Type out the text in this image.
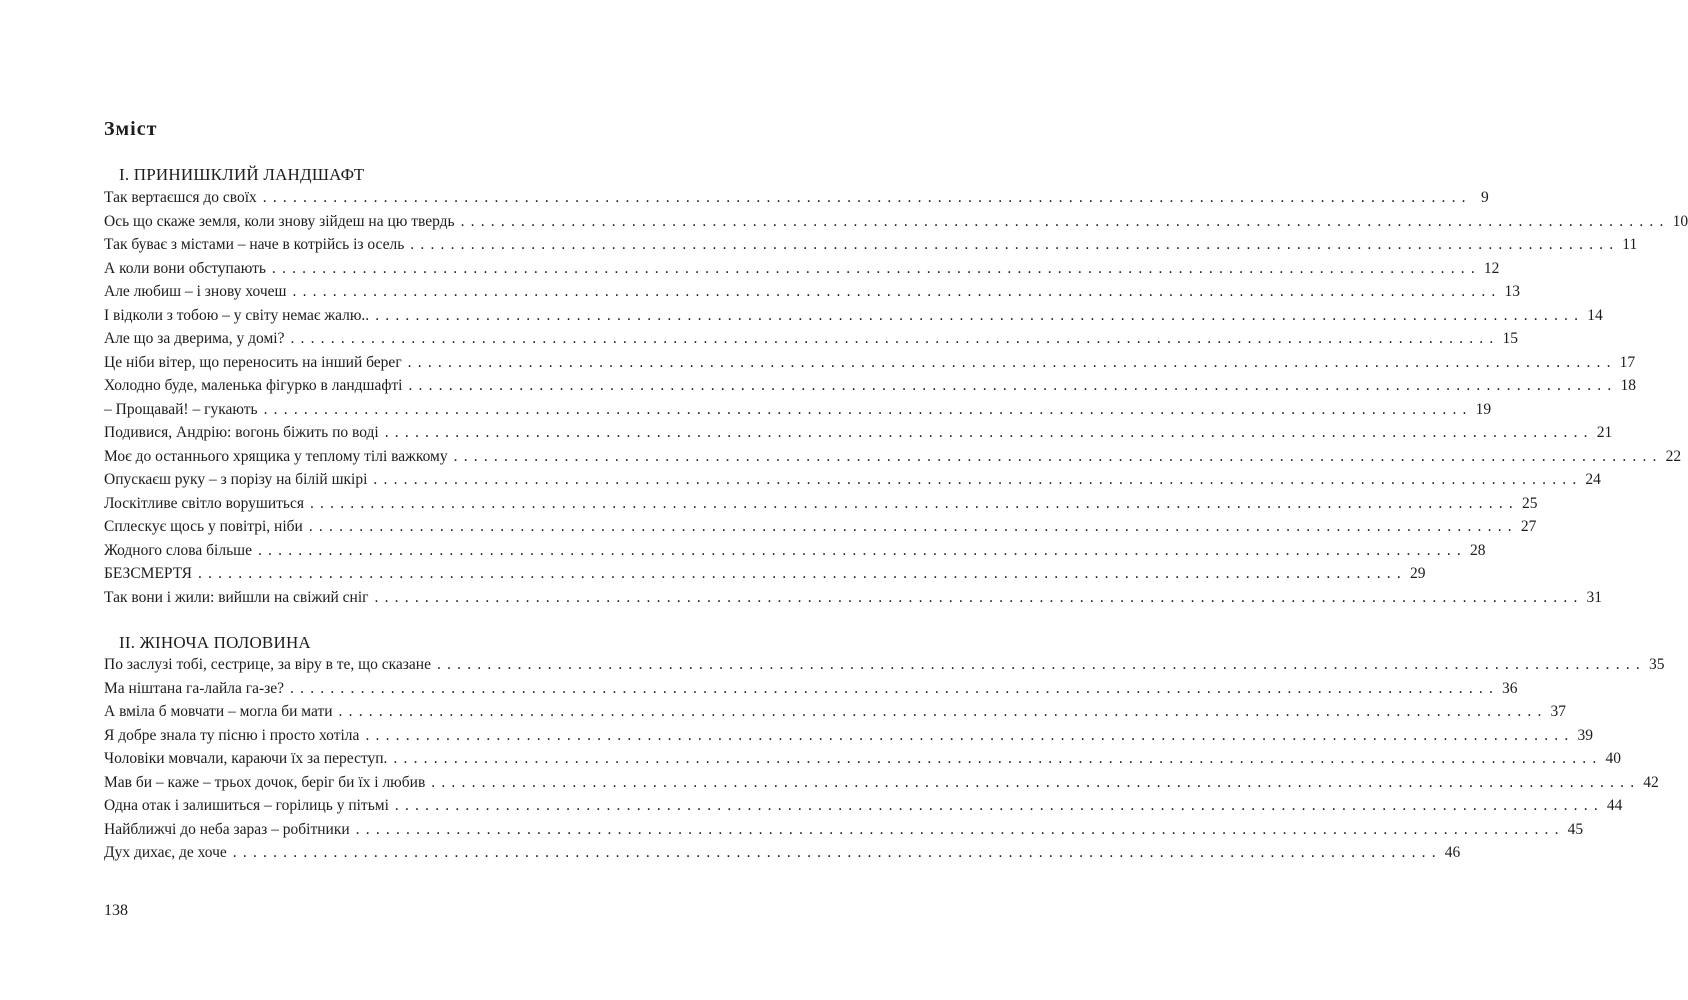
Зміст
І. ПРИНИШКЛИЙ ЛАНДШАФТ
Так вертаєшся до своїх ........................................................................................................................ 9
Ось що скаже земля, коли знову зійдеш на цю твердь ........................................................................................................................ 10
Так буває з містами – наче в котрійсь із осель ........................................................................................................................ 11
А коли вони обступають ........................................................................................................................ 12
Але любиш – і знову хочеш ........................................................................................................................ 13
І відколи з тобою – у світу немає жалю.. ........................................................................................................................ 14
Але що за дверима, у домі? ........................................................................................................................ 15
Це ніби вітер, що переносить на інший берег ........................................................................................................................ 17
Холодно буде, маленька фігурко в ландшафті ........................................................................................................................ 18
– Прощавай! – гукають ........................................................................................................................ 19
Подивися, Андрію: вогонь біжить по воді ........................................................................................................................ 21
Моє до останнього хрящика у теплому тілі важкому ........................................................................................................................ 22
Опускаєш руку – з порізу на білій шкірі ........................................................................................................................ 24
Лоскітливе світло ворушиться ........................................................................................................................ 25
Сплескує щось у повітрі, ніби ........................................................................................................................ 27
Жодного слова більше ........................................................................................................................ 28
БЕЗСМЕРТЯ ........................................................................................................................ 29
Так вони і жили: вийшли на свіжий сніг ........................................................................................................................ 31
ІІ. ЖІНОЧА ПОЛОВИНА
По заслузі тобі, сестрице, за віру в те, що сказане ........................................................................................................................ 35
Ма ніштана га-лайла га-зе? ........................................................................................................................ 36
А вміла б мовчати – могла би мати ........................................................................................................................ 37
Я добре знала ту пісню і просто хотіла ........................................................................................................................ 39
Чоловіки мовчали, караючи їх за переступ. ........................................................................................................................ 40
Мав би – каже – трьох дочок, беріг би їх і любив ........................................................................................................................ 42
Одна отак і залишиться – горілиць у пітьмі ........................................................................................................................ 44
Найближчі до неба зараз – робітники ........................................................................................................................ 45
Дух дихає, де хоче ........................................................................................................................ 46
138
